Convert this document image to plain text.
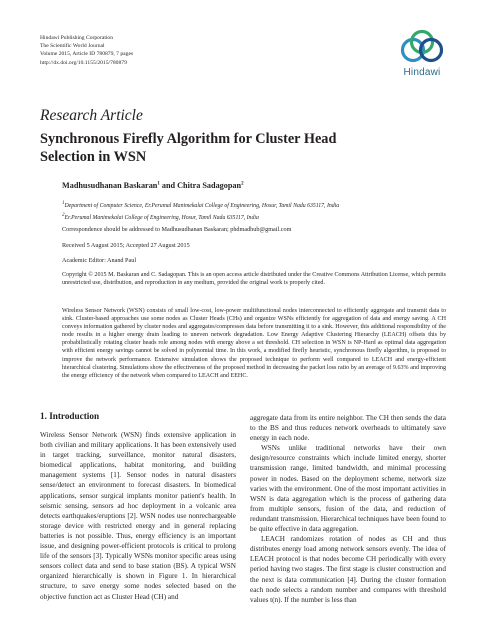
Hindawi Publishing Corporation
The Scientific World Journal
Volume 2015, Article ID 780879, 7 pages
http://dx.doi.org/10.1155/2015/780879
Hindawi
Research Article
Synchronous Firefly Algorithm for Cluster Head Selection in WSN
Madhusudhanan Baskaran$^1$ and Chitra Sadagopan$^2$
$^1$Department of Computer Science, Er.Perumal Manimekalai College of Engineering, Hosur, Tamil Nadu 635117, India
$^2$Er.Perumal Manimekalai College of Engineering, Hosur, Tamil Nadu 635117, India
Correspondence should be addressed to Madhusudhanan Baskaran; phdmadhub@gmail.com
Received 5 August 2015; Accepted 27 August 2015
Academic Editor: Anand Paul

Copyright © 2015 M. Baskaran and C. Sadagopan. This is an open access article distributed under the Creative Commons Attribution License, which permits unrestricted use, distribution, and reproduction in any medium, provided the original work is properly cited.

Wireless Sensor Network (WSN) consists of small low-cost, low-power multifunctional nodes interconnected to efficiently aggregate and transmit data to sink. Cluster-based approaches use some nodes as Cluster Heads (CHs) and organize WSNs efficiently for aggregation of data and energy saving. A CH conveys information gathered by cluster nodes and aggregates/compresses data before transmitting it to a sink. However, this additional responsibility of the node results in a higher energy drain leading to uneven network degradation. Low Energy Adaptive Clustering Hierarchy (LEACH) offsets this by probabilistically rotating cluster heads role among nodes with energy above a set threshold. CH selection in WSN is NP-Hard as optimal data aggregation with efficient energy savings cannot be solved in polynomial time. In this work, a modified firefly heuristic, synchronous firefly algorithm, is proposed to improve the network performance. Extensive simulation shows the proposed technique to perform well compared to LEACH and energy-efficient hierarchical clustering. Simulations show the effectiveness of the proposed method in decreasing the packet loss ratio by an average of 9.63% and improving the energy efficiency of the network when compared to LEACH and EEHC.

1. Introduction

Wireless Sensor Network (WSN) finds extensive application in both civilian and military applications. It has been extensively used in target tracking, surveillance, monitor natural disasters, biomedical applications, habitat monitoring, and building management systems [1]. Sensor nodes in natural disasters sense/detect an environment to forecast disasters. In biomedical applications, sensor surgical implants monitor patient's health. In seismic sensing, sensors ad hoc deployment in a volcanic area detects earthquakes/eruptions [2]. WSN nodes use nonrechargeable storage device with restricted energy and in general replacing batteries is not possible. Thus, energy efficiency is an important issue, and designing power-efficient protocols is critical to prolong life of the sensors [3]. Typically WSNs monitor specific areas using sensors collect data and send to base station (BS). A typical WSN organized hierarchically is shown in Figure 1. In hierarchical structure, to save energy some nodes selected based on the objective function act as Cluster Head (CH) and

aggregate data from its entire neighbor. The CH then sends the data to the BS and thus reduces network overheads to ultimately save energy in each node.

WSNs unlike traditional networks have their own design/resource constraints which include limited energy, shorter transmission range, limited bandwidth, and minimal processing power in nodes. Based on the deployment scheme, network size varies with the environment. One of the most important activities in WSN is data aggregation which is the process of gathering data from multiple sensors, fusion of the data, and reduction of redundant transmission. Hierarchical techniques have been found to be quite effective in data aggregation.

LEACH randomizes rotation of nodes as CH and thus distributes energy load among network sensors evenly. The idea of LEACH protocol is that nodes become CH periodically with every period having two stages. The first stage is cluster construction and the next is data communication [4]. During the cluster formation each node selects a random number and compares with threshold values t(n). If the number is less than
